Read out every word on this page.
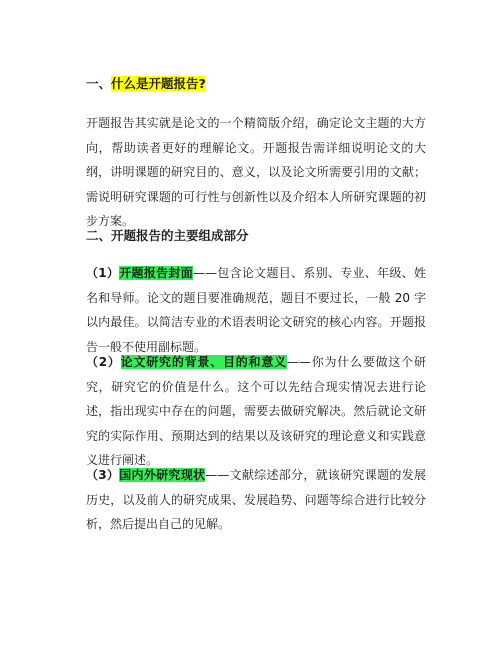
一、什么是开题报告?

开题报告其实就是论文的一个精简版介绍，确定论文主题的大方向，帮助读者更好的理解论文。开题报告需详细说明论文的大纲，讲明课题的研究目的、意义，以及论文所需要引用的文献；需说明研究课题的可行性与创新性以及介绍本人所研究课题的初步方案。

二、开题报告的主要组成部分

（1）开题报告封面——包含论文题目、系别、专业、年级、姓名和导师。论文的题目要准确规范，题目不要过长，一般 20 字以内最佳。以简洁专业的术语表明论文研究的核心内容。开题报告一般不使用副标题。

（2）论文研究的背景、目的和意义——你为什么要做这个研究，研究它的价值是什么。这个可以先结合现实情况去进行论述，指出现实中存在的问题，需要去做研究解决。然后就论文研究的实际作用、预期达到的结果以及该研究的理论意义和实践意义进行阐述。

（3）国内外研究现状——文献综述部分，就该研究课题的发展历史，以及前人的研究成果、发展趋势、问题等综合进行比较分析，然后提出自己的见解。
